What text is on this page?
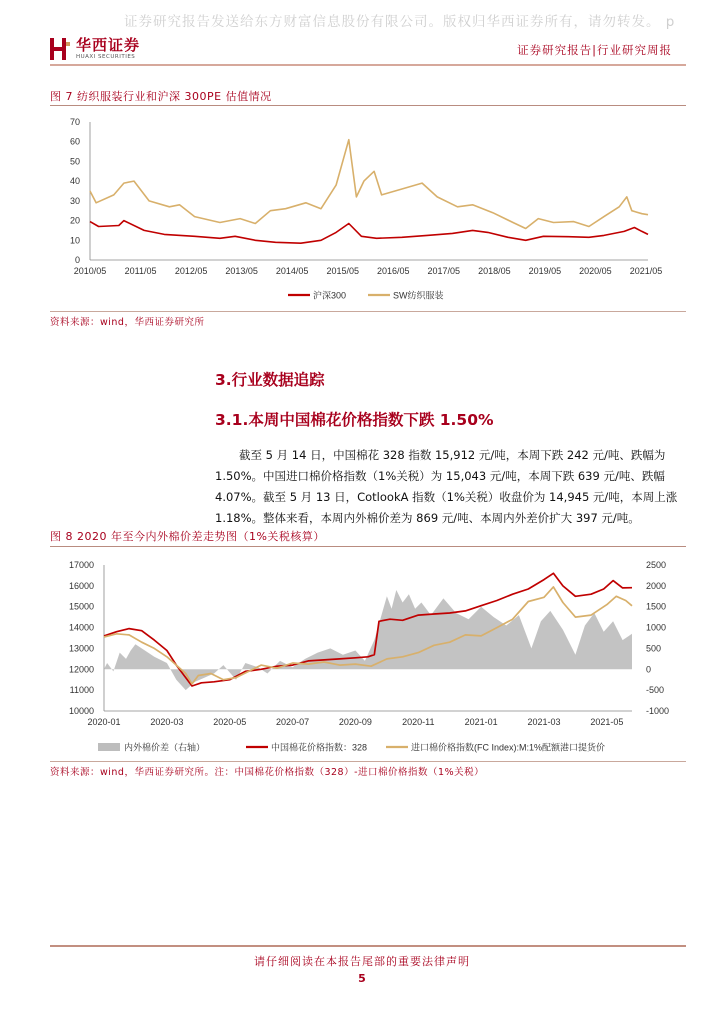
证券研究报告发送给东方财富信息股份有限公司。版权归华西证券所有，请勿转发。 p
华西证券
HUAXI SECURITIES	证券研究报告|行业研究周报
图 7 纺织服装行业和沪深 300PE 估值情况
0
10
20
30
40
50
60
70
2010/05 2011/05 2012/05 2013/05 2014/05 2015/05 2016/05 2017/05 2018/05 2019/05 2020/05 2021/05
沪深300	SW纺织服装
资料来源：wind，华西证券研究所
3.行业数据追踪
3.1.本周中国棉花价格指数下跌 1.50%
截至 5 月 14 日，中国棉花 328 指数 15,912 元/吨，本周下跌 242 元/吨、跌幅为
1.50%。中国进口棉价格指数（1%关税）为 15,043 元/吨，本周下跌 639 元/吨、跌幅
4.07%。截至 5 月 13 日，CotlookA 指数（1%关税）收盘价为 14,945 元/吨，本周上涨
1.18%。整体来看，本周内外棉价差为 869 元/吨、本周内外差价扩大 397 元/吨。
图 8 2020 年至今内外棉价差走势图（1%关税核算）
10000
11000
12000
13000
14000
15000
16000
17000
-1000
-500
0
500
1000
1500
2000
2500
2020-01	2020-03	2020-05	2020-07	2020-09	2020-11	2021-01	2021-03	2021-05
内外棉价差（右轴）	中国棉花价格指数：328	进口棉价格指数(FC Index):M:1%配额港口提货价
资料来源：wind，华西证券研究所。注：中国棉花价格指数（328）-进口棉价格指数（1%关税）
请仔细阅读在本报告尾部的重要法律声明
5
